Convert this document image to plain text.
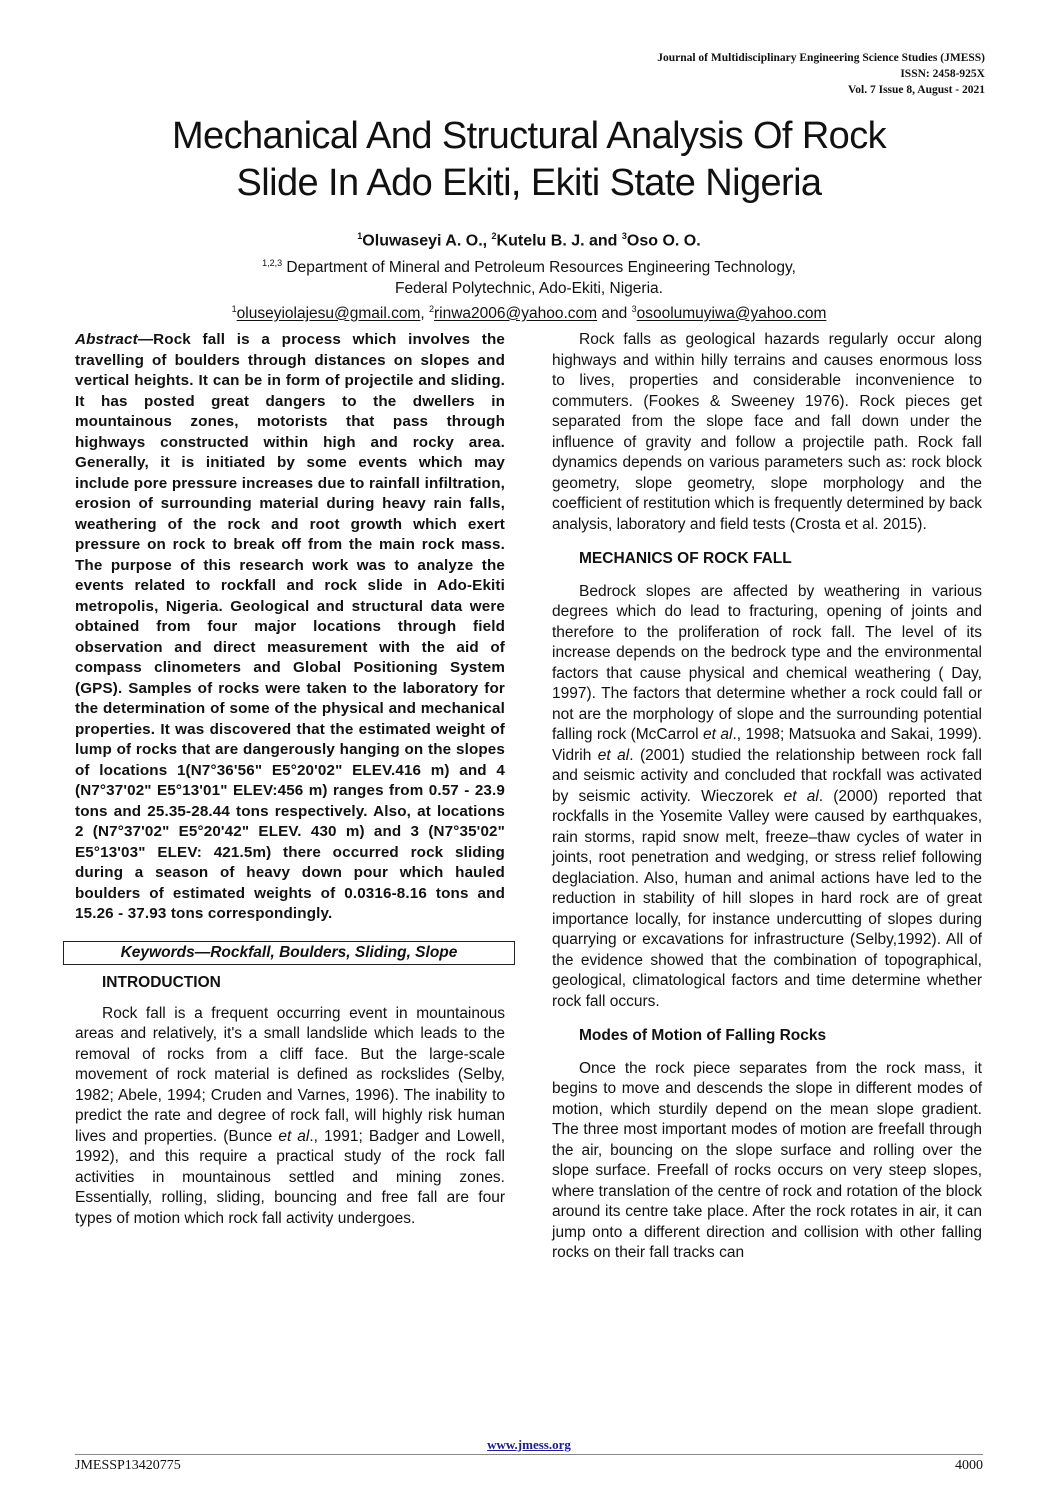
Journal of Multidisciplinary Engineering Science Studies (JMESS)
ISSN: 2458-925X
Vol. 7 Issue 8, August - 2021
Mechanical And Structural Analysis Of Rock
Slide In Ado Ekiti, Ekiti State Nigeria
$^1$Oluwaseyi A. O., $^2$Kutelu B. J. and $^3$Oso O. O.
$^{1,2,3}$ Department of Mineral and Petroleum Resources Engineering Technology,
Federal Polytechnic, Ado-Ekiti, Nigeria.
$^1$oluseyiolajesu@gmail.com, $^2$rinwa2006@yahoo.com and $^3$osoolumuyiwa@yahoo.com
Abstract—Rock fall is a process which involves the travelling of boulders through distances on slopes and vertical heights. It can be in form of projectile and sliding. It has posted great dangers to the dwellers in mountainous zones, motorists that pass through highways constructed within high and rocky area. Generally, it is initiated by some events which may include pore pressure increases due to rainfall infiltration, erosion of surrounding material during heavy rain falls, weathering of the rock and root growth which exert pressure on rock to break off from the main rock mass. The purpose of this research work was to analyze the events related to rockfall and rock slide in Ado-Ekiti metropolis, Nigeria. Geological and structural data were obtained from four major locations through field observation and direct measurement with the aid of compass clinometers and Global Positioning System (GPS). Samples of rocks were taken to the laboratory for the determination of some of the physical and mechanical properties. It was discovered that the estimated weight of lump of rocks that are dangerously hanging on the slopes of locations 1(N7°36'56" E5°20'02" ELEV.416 m) and 4 (N7°37'02" E5°13'01" ELEV:456 m) ranges from 0.57 - 23.9 tons and 25.35-28.44 tons respectively. Also, at locations 2 (N7°37'02" E5°20'42" ELEV. 430 m) and 3 (N7°35'02" E5°13'03" ELEV: 421.5m) there occurred rock sliding during a season of heavy down pour which hauled boulders of estimated weights of 0.0316-8.16 tons and 15.26 - 37.93 tons correspondingly.
Keywords—Rockfall, Boulders, Sliding, Slope
INTRODUCTION

Rock fall is a frequent occurring event in mountainous areas and relatively, it's a small landslide which leads to the removal of rocks from a cliff face. But the large-scale movement of rock material is defined as rockslides (Selby, 1982; Abele, 1994; Cruden and Varnes, 1996). The inability to predict the rate and degree of rock fall, will highly risk human lives and properties. (Bunce et al., 1991; Badger and Lowell, 1992), and this require a practical study of the rock fall activities in mountainous settled and mining zones. Essentially, rolling, sliding, bouncing and free fall are four types of motion which rock fall activity undergoes.

Rock falls as geological hazards regularly occur along highways and within hilly terrains and causes enormous loss to lives, properties and considerable inconvenience to commuters. (Fookes & Sweeney 1976). Rock pieces get separated from the slope face and fall down under the influence of gravity and follow a projectile path. Rock fall dynamics depends on various parameters such as: rock block geometry, slope geometry, slope morphology and the coefficient of restitution which is frequently determined by back analysis, laboratory and field tests (Crosta et al. 2015).

MECHANICS OF ROCK FALL

Bedrock slopes are affected by weathering in various degrees which do lead to fracturing, opening of joints and therefore to the proliferation of rock fall. The level of its increase depends on the bedrock type and the environmental factors that cause physical and chemical weathering ( Day, 1997). The factors that determine whether a rock could fall or not are the morphology of slope and the surrounding potential falling rock (McCarrol et al., 1998; Matsuoka and Sakai, 1999). Vidrih et al. (2001) studied the relationship between rock fall and seismic activity and concluded that rockfall was activated by seismic activity. Wieczorek et al. (2000) reported that rockfalls in the Yosemite Valley were caused by earthquakes, rain storms, rapid snow melt, freeze–thaw cycles of water in joints, root penetration and wedging, or stress relief following deglaciation. Also, human and animal actions have led to the reduction in stability of hill slopes in hard rock are of great importance locally, for instance undercutting of slopes during quarrying or excavations for infrastructure (Selby,1992). All of the evidence showed that the combination of topographical, geological, climatological factors and time determine whether rock fall occurs.

Modes of Motion of Falling Rocks

Once the rock piece separates from the rock mass, it begins to move and descends the slope in different modes of motion, which sturdily depend on the mean slope gradient. The three most important modes of motion are freefall through the air, bouncing on the slope surface and rolling over the slope surface. Freefall of rocks occurs on very steep slopes, where translation of the centre of rock and rotation of the block around its centre take place. After the rock rotates in air, it can jump onto a different direction and collision with other falling rocks on their fall tracks can

www.jmess.org
JMESSP13420775	4000
